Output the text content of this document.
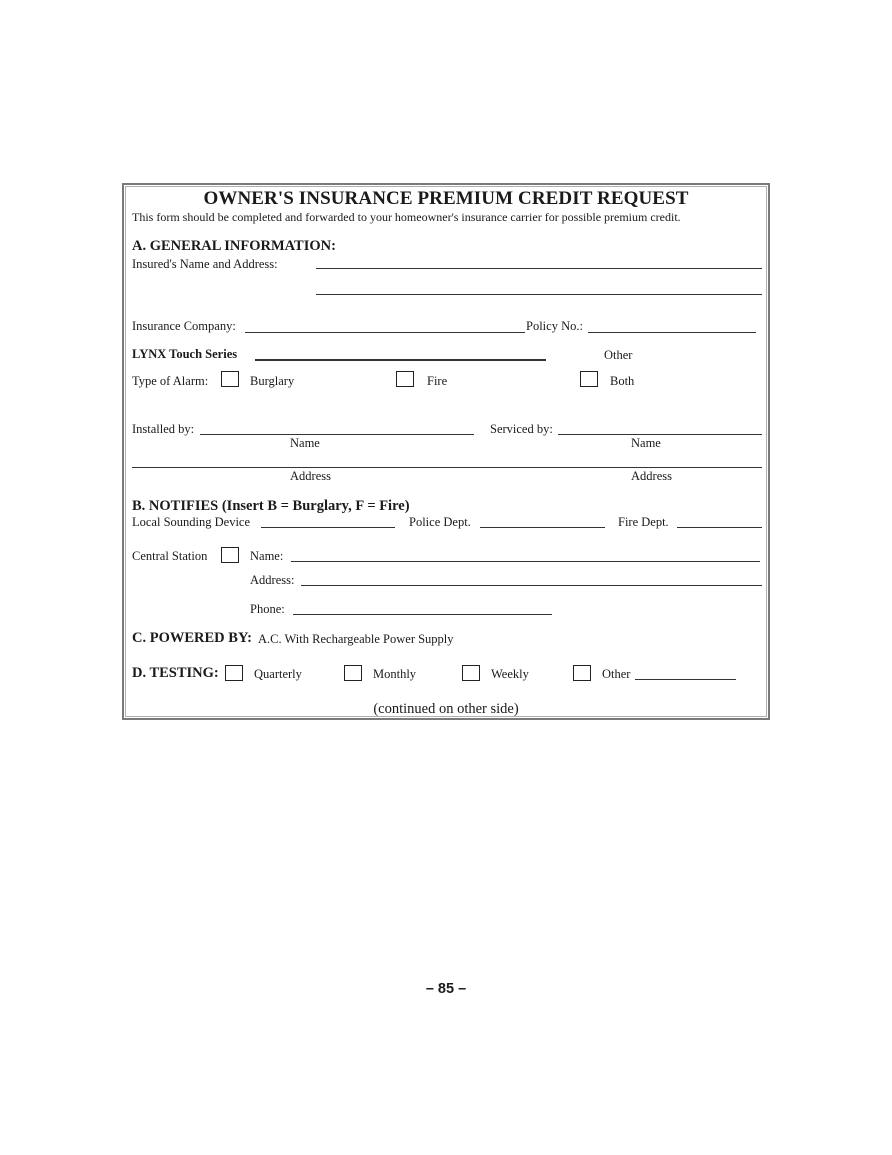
OWNER'S INSURANCE PREMIUM CREDIT REQUEST
This form should be completed and forwarded to your homeowner's insurance carrier for possible premium credit.
A. GENERAL INFORMATION:
Insured's Name and Address:
Insurance Company:	Policy No.:
LYNX Touch Series	Other
Type of Alarm:	Burglary	Fire	Both
Installed by:	Serviced by:
Name	Name
Address	Address
B. NOTIFIES (Insert B = Burglary, F = Fire)
Local Sounding Device	Police Dept.	Fire Dept.
Central Station	Name:
Address:
Phone:
C. POWERED BY: A.C. With Rechargeable Power Supply
D. TESTING:	Quarterly	Monthly	Weekly	Other
(continued on other side)
– 85 –
